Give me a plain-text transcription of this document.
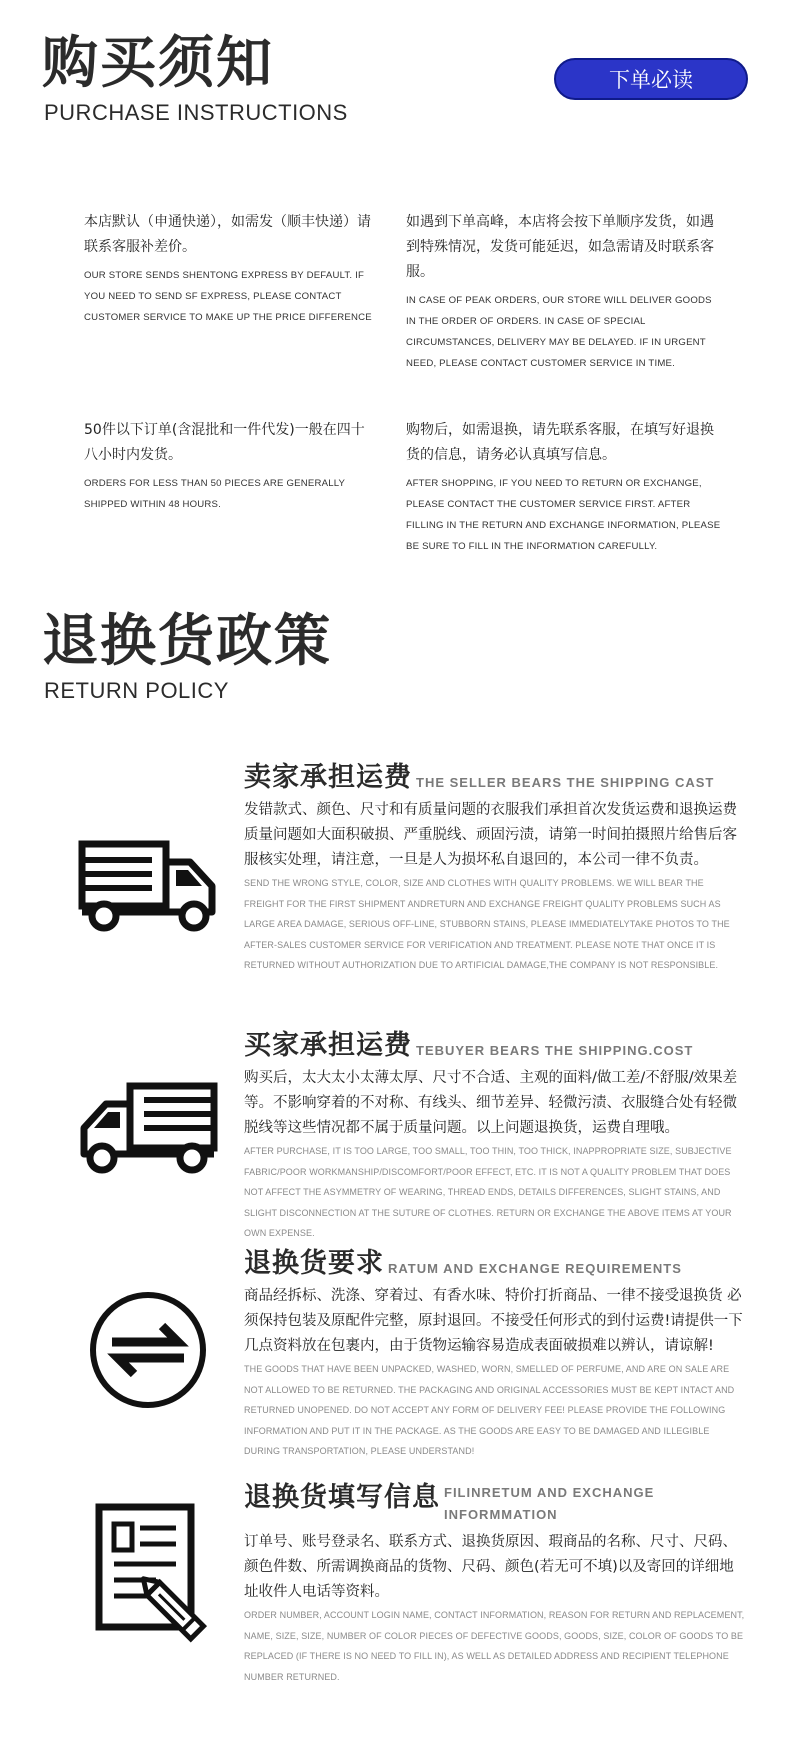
购买须知
PURCHASE INSTRUCTIONS
下单必读
本店默认（申通快递），如需发（顺丰快递）请联系客服补差价。
OUR STORE SENDS SHENTONG EXPRESS BY DEFAULT. IF YOU NEED TO SEND SF EXPRESS, PLEASE CONTACT CUSTOMER SERVICE TO MAKE UP THE PRICE DIFFERENCE
如遇到下单高峰，本店将会按下单顺序发货，如遇到特殊情况，发货可能延迟，如急需请及时联系客服。
IN CASE OF PEAK ORDERS, OUR STORE WILL DELIVER GOODS IN THE ORDER OF ORDERS. IN CASE OF SPECIAL CIRCUMSTANCES, DELIVERY MAY BE DELAYED. IF IN URGENT NEED, PLEASE CONTACT CUSTOMER SERVICE IN TIME.
50件以下订单(含混批和一件代发)一般在四十八小时内发货。
ORDERS FOR LESS THAN 50 PIECES ARE GENERALLY SHIPPED WITHIN 48 HOURS.
购物后，如需退换，请先联系客服，在填写好退换货的信息，请务必认真填写信息。
AFTER SHOPPING, IF YOU NEED TO RETURN OR EXCHANGE, PLEASE CONTACT THE CUSTOMER SERVICE FIRST. AFTER FILLING IN THE RETURN AND EXCHANGE INFORMATION, PLEASE BE SURE TO FILL IN THE INFORMATION CAREFULLY.
退换货政策
RETURN POLICY
卖家承担运费 THE SELLER BEARS THE SHIPPING CAST
发错款式、颜色、尺寸和有质量问题的衣服我们承担首次发货运费和退换运费 质量问题如大面积破损、严重脱线、顽固污渍，请第一时间拍摄照片给售后客服核实处理，请注意，一旦是人为损坏私自退回的，本公司一律不负责。
SEND THE WRONG STYLE, COLOR, SIZE AND CLOTHES WITH QUALITY PROBLEMS. WE WILL BEAR THE FREIGHT FOR THE FIRST SHIPMENT ANDRETURN AND EXCHANGE FREIGHT QUALITY PROBLEMS SUCH AS LARGE AREA DAMAGE, SERIOUS OFF-LINE, STUBBORN STAINS, PLEASE IMMEDIATELYTAKE PHOTOS TO THE AFTER-SALES CUSTOMER SERVICE FOR VERIFICATION AND TREATMENT. PLEASE NOTE THAT ONCE IT IS RETURNED WITHOUT AUTHORIZATION DUE TO ARTIFICIAL DAMAGE,THE COMPANY IS NOT RESPONSIBLE.
买家承担运费 TEBUYER BEARS THE SHIPPING.COST
购买后，太大太小太薄太厚、尺寸不合适、主观的面料/做工差/不舒服/效果差等。不影响穿着的不对称、有线头、细节差异、轻微污渍、衣服缝合处有轻微脱线等这些情况都不属于质量问题。以上问题退换货，运费自理哦。
AFTER PURCHASE, IT IS TOO LARGE, TOO SMALL, TOO THIN, TOO THICK, INAPPROPRIATE SIZE, SUBJECTIVE FABRIC/POOR WORKMANSHIP/DISCOMFORT/POOR EFFECT, ETC. IT IS NOT A QUALITY PROBLEM THAT DOES NOT AFFECT THE ASYMMETRY OF WEARING, THREAD ENDS, DETAILS DIFFERENCES, SLIGHT STAINS, AND SLIGHT DISCONNECTION AT THE SUTURE OF CLOTHES. RETURN OR EXCHANGE THE ABOVE ITEMS AT YOUR OWN EXPENSE.
退换货要求 RATUM AND EXCHANGE REQUIREMENTS
商品经拆标、洗涤、穿着过、有香水味、特价打折商品、一律不接受退换货 必须保持包装及原配件完整，原封退回。不接受任何形式的到付运费!请提供一下几点资料放在包裹内，由于货物运输容易造成表面破损难以辨认，请谅解!
THE GOODS THAT HAVE BEEN UNPACKED, WASHED, WORN, SMELLED OF PERFUME, AND ARE ON SALE ARE NOT ALLOWED TO BE RETURNED. THE PACKAGING AND ORIGINAL ACCESSORIES MUST BE KEPT INTACT AND RETURNED UNOPENED. DO NOT ACCEPT ANY FORM OF DELIVERY FEE! PLEASE PROVIDE THE FOLLOWING INFORMATION AND PUT IT IN THE PACKAGE. AS THE GOODS ARE EASY TO BE DAMAGED AND ILLEGIBLE DURING TRANSPORTATION, PLEASE UNDERSTAND!
退换货填写信息 FILINRETUM AND EXCHANGE INFORMMATION
订单号、账号登录名、联系方式、退换货原因、瑕商品的名称、尺寸、尺码、颜色件数、所需调换商品的货物、尺码、颜色(若无可不填)以及寄回的详细地址收件人电话等资料。
ORDER NUMBER, ACCOUNT LOGIN NAME, CONTACT INFORMATION, REASON FOR RETURN AND REPLACEMENT, NAME, SIZE, SIZE, NUMBER OF COLOR PIECES OF DEFECTIVE GOODS, GOODS, SIZE, COLOR OF GOODS TO BE REPLACED (IF THERE IS NO NEED TO FILL IN), AS WELL AS DETAILED ADDRESS AND RECIPIENT TELEPHONE NUMBER RETURNED.
